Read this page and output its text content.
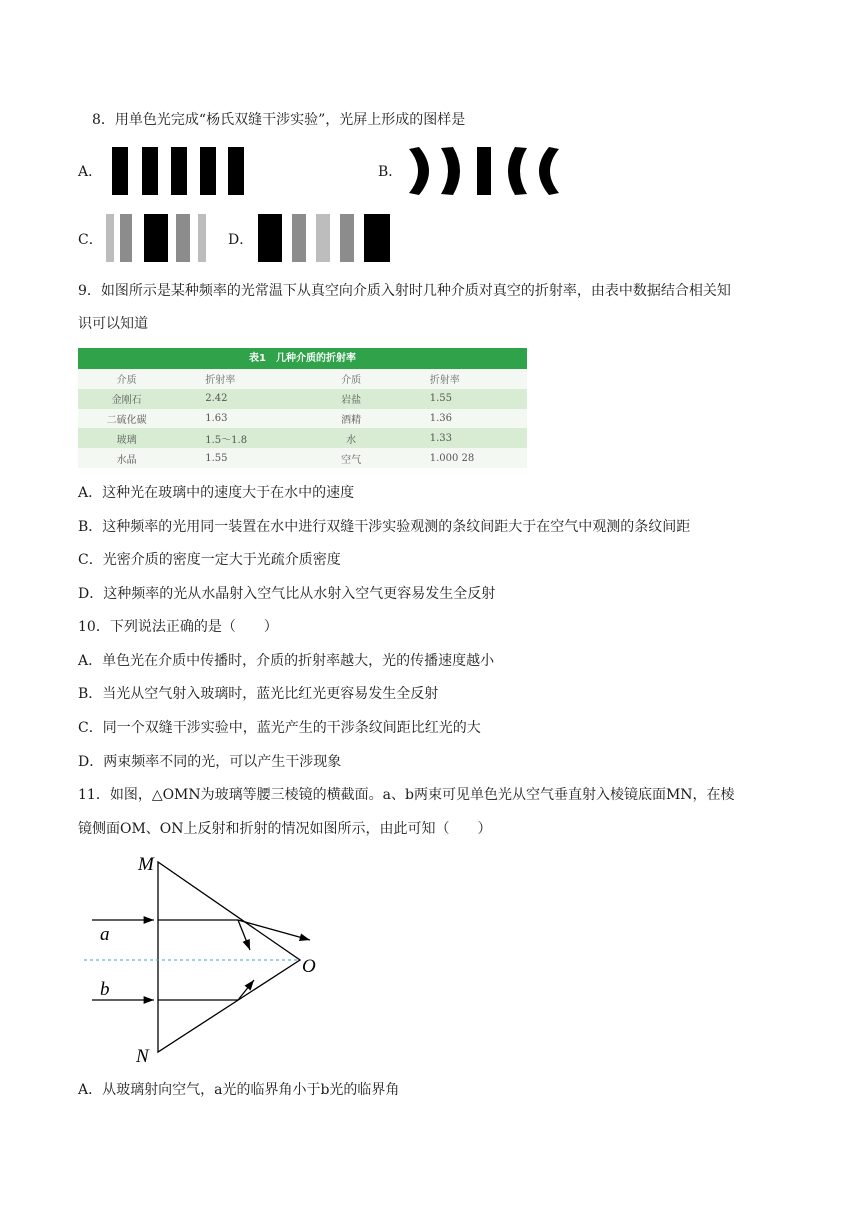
8．用单色光完成“杨氏双缝干涉实验”，光屏上形成的图样是
A．	B．
C．	D．
9．如图所示是某种频率的光常温下从真空向介质入射时几种介质对真空的折射率，由表中数据结合相关知
识可以知道
表1　几种介质的折射率
介质	折射率	介质	折射率
金刚石	2.42	岩盐	1.55
二硫化碳	1.63	酒精	1.36
玻璃	1.5～1.8	水	1.33
水晶	1.55	空气	1.000 28
A．这种光在玻璃中的速度大于在水中的速度
B．这种频率的光用同一装置在水中进行双缝干涉实验观测的条纹间距大于在空气中观测的条纹间距
C．光密介质的密度一定大于光疏介质密度
D．这种频率的光从水晶射入空气比从水射入空气更容易发生全反射
10．下列说法正确的是（　　）
A．单色光在介质中传播时，介质的折射率越大，光的传播速度越小
B．当光从空气射入玻璃时，蓝光比红光更容易发生全反射
C．同一个双缝干涉实验中，蓝光产生的干涉条纹间距比红光的大
D．两束频率不同的光，可以产生干涉现象
11．如图，△OMN为玻璃等腰三棱镜的横截面。a、b两束可见单色光从空气垂直射入棱镜底面MN，在棱
镜侧面OM、ON上反射和折射的情况如图所示，由此可知（　　）
M
N
O
a
b
A．从玻璃射向空气，a光的临界角小于b光的临界角
